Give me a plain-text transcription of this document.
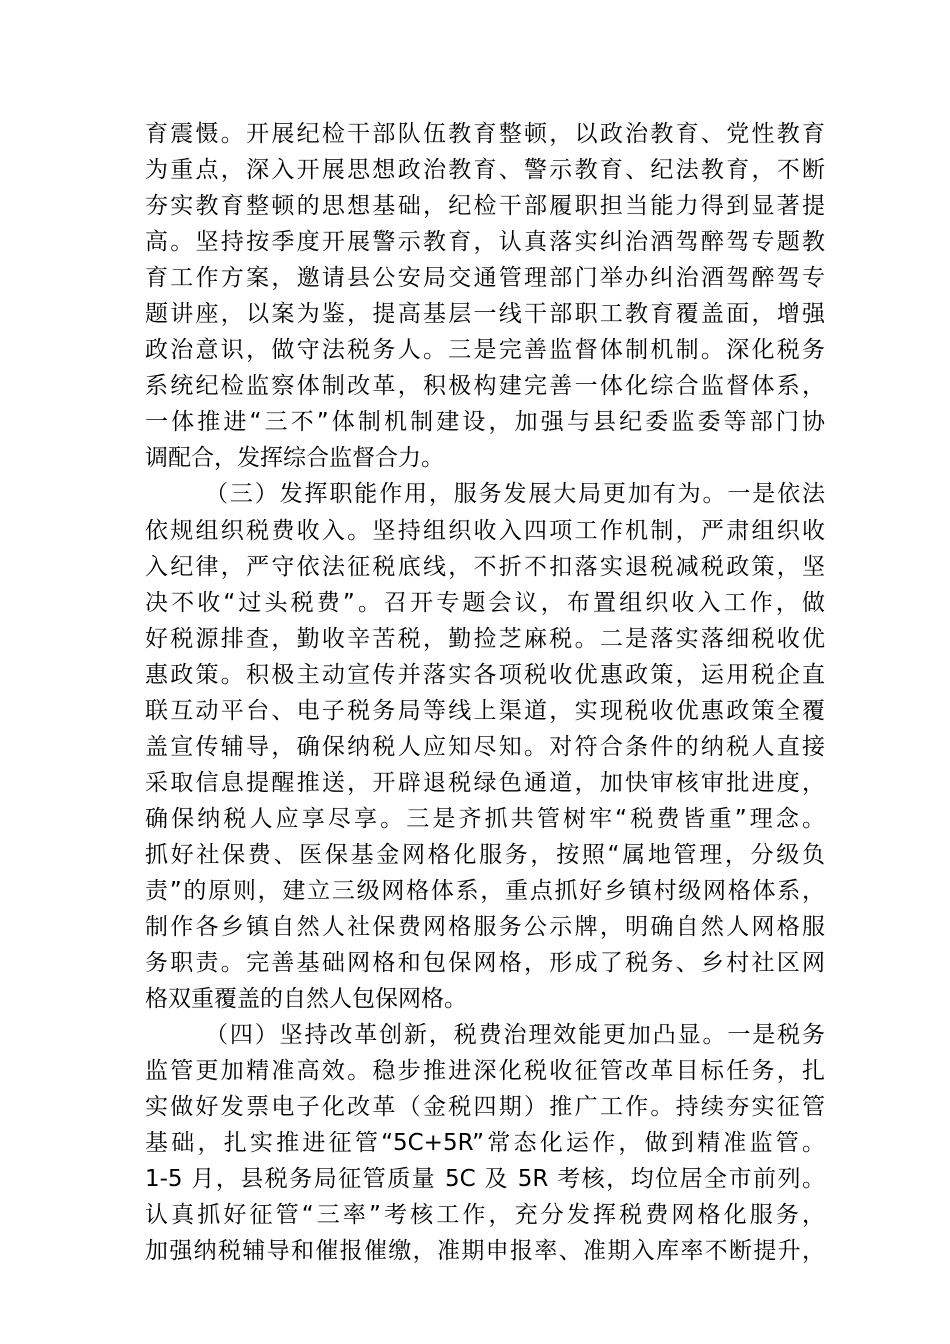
育震慑。开展纪检干部队伍教育整顿，以政治教育、党性教育
为重点，深入开展思想政治教育、警示教育、纪法教育，不断
夯实教育整顿的思想基础，纪检干部履职担当能力得到显著提
高。坚持按季度开展警示教育，认真落实纠治酒驾醉驾专题教
育工作方案，邀请县公安局交通管理部门举办纠治酒驾醉驾专
题讲座，以案为鉴，提高基层一线干部职工教育覆盖面，增强
政治意识，做守法税务人。三是完善监督体制机制。深化税务
系统纪检监察体制改革，积极构建完善一体化综合监督体系，
一体推进“三不”体制机制建设，加强与县纪委监委等部门协
调配合，发挥综合监督合力。
（三）发挥职能作用，服务发展大局更加有为。一是依法
依规组织税费收入。坚持组织收入四项工作机制，严肃组织收
入纪律，严守依法征税底线，不折不扣落实退税减税政策，坚
决不收“过头税费”。召开专题会议，布置组织收入工作，做
好税源排查，勤收辛苦税，勤捡芝麻税。二是落实落细税收优
惠政策。积极主动宣传并落实各项税收优惠政策，运用税企直
联互动平台、电子税务局等线上渠道，实现税收优惠政策全覆
盖宣传辅导，确保纳税人应知尽知。对符合条件的纳税人直接
采取信息提醒推送，开辟退税绿色通道，加快审核审批进度，
确保纳税人应享尽享。三是齐抓共管树牢“税费皆重”理念。
抓好社保费、医保基金网格化服务，按照“属地管理，分级负
责”的原则，建立三级网格体系，重点抓好乡镇村级网格体系，
制作各乡镇自然人社保费网格服务公示牌，明确自然人网格服
务职责。完善基础网格和包保网格，形成了税务、乡村社区网
格双重覆盖的自然人包保网格。
（四）坚持改革创新，税费治理效能更加凸显。一是税务
监管更加精准高效。稳步推进深化税收征管改革目标任务，扎
实做好发票电子化改革（金税四期）推广工作。持续夯实征管
基础，扎实推进征管“5C+5R”常态化运作，做到精准监管。
1-5 月，县税务局征管质量 5C 及 5R 考核，均位居全市前列。
认真抓好征管“三率”考核工作，充分发挥税费网格化服务，
加强纳税辅导和催报催缴，准期申报率、准期入库率不断提升，
